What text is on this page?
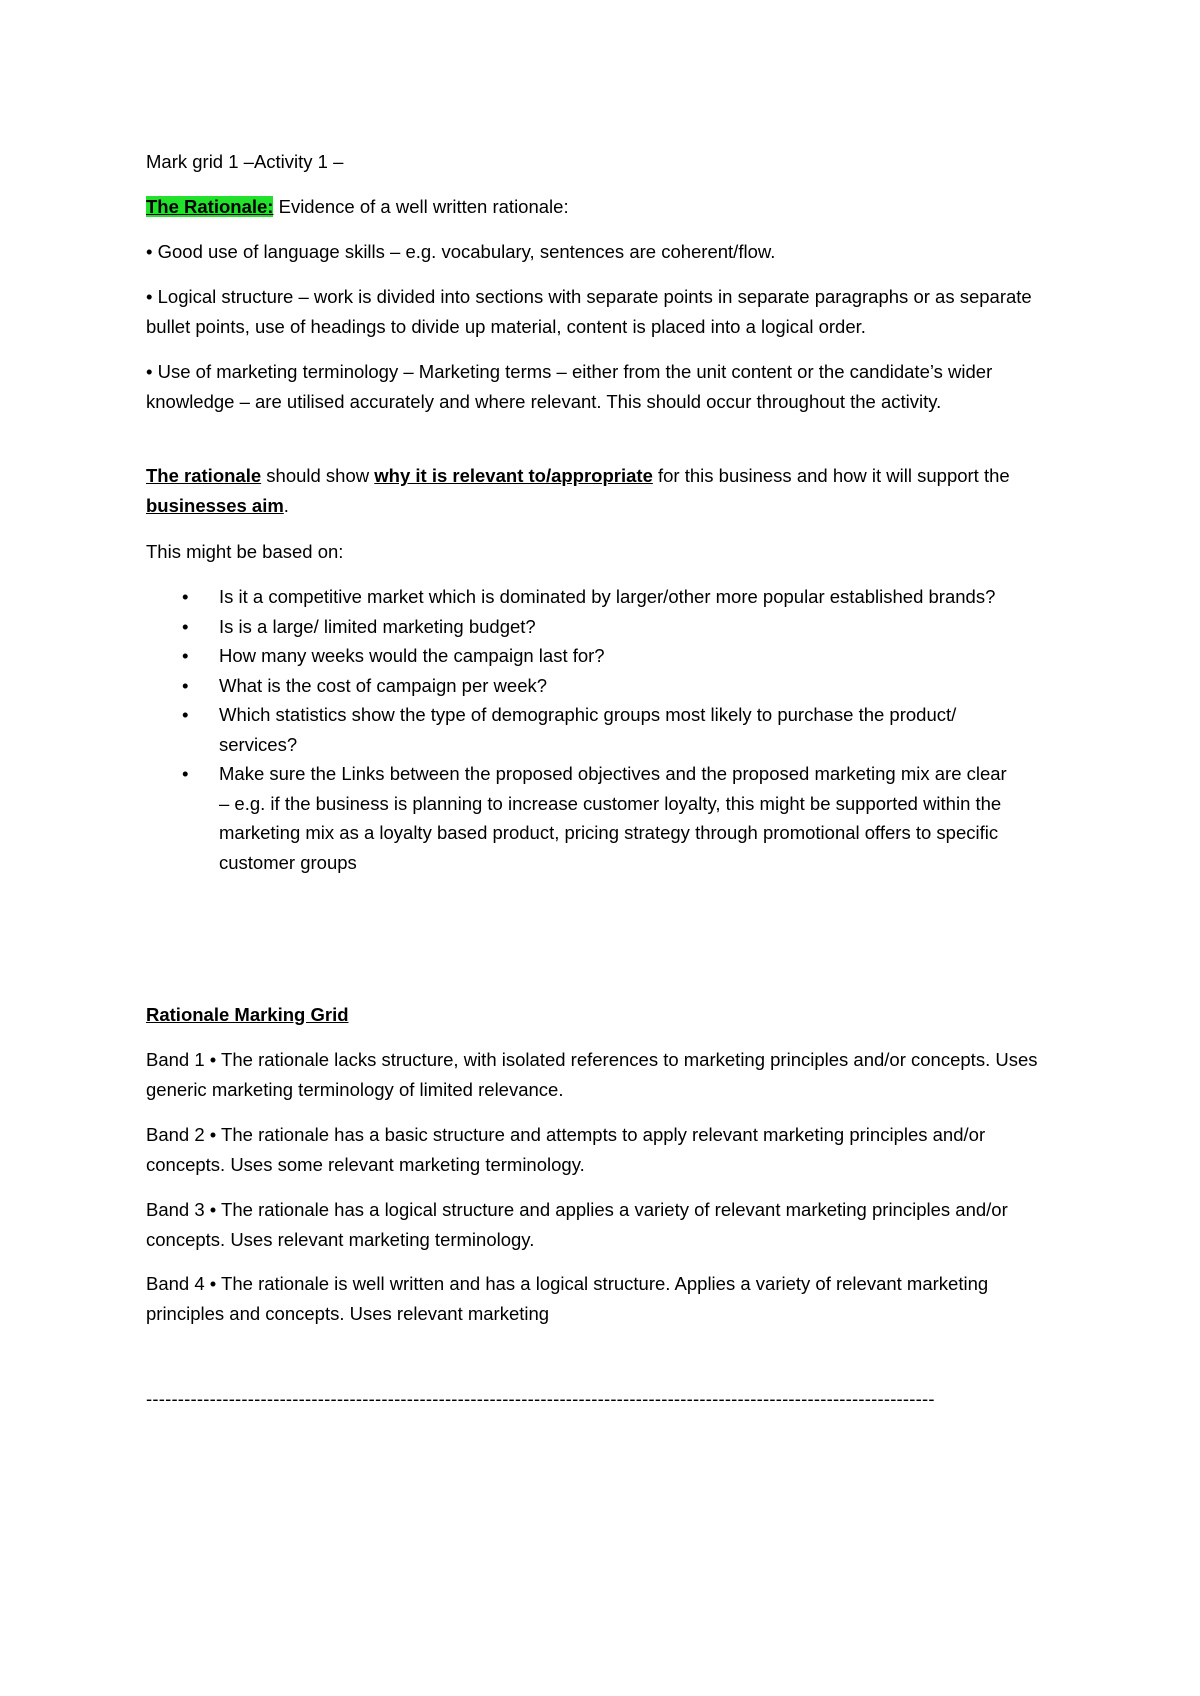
Mark grid 1 –Activity 1 –
The Rationale: Evidence of a well written rationale:
• Good use of language skills – e.g. vocabulary, sentences are coherent/flow.
• Logical structure – work is divided into sections with separate points in separate paragraphs or as separate bullet points, use of headings to divide up material, content is placed into a logical order.
• Use of marketing terminology – Marketing terms – either from the unit content or the candidate’s wider knowledge – are utilised accurately and where relevant. This should occur throughout the activity.
The rationale should show why it is relevant to/appropriate for this business and how it will support the businesses aim.
This might be based on:
• Is it a competitive market which is dominated by larger/other more popular established brands?
• Is is a large/ limited marketing budget?
• How many weeks would the campaign last for?
• What is the cost of campaign per week?
• Which statistics show the type of demographic groups most likely to purchase the product/ services?
• Make sure the Links between the proposed objectives and the proposed marketing mix are clear – e.g. if the business is planning to increase customer loyalty, this might be supported within the marketing mix as a loyalty based product, pricing strategy through promotional offers to specific customer groups
Rationale Marking Grid
Band 1 • The rationale lacks structure, with isolated references to marketing principles and/or concepts. Uses generic marketing terminology of limited relevance.
Band 2 • The rationale has a basic structure and attempts to apply relevant marketing principles and/or concepts. Uses some relevant marketing terminology.
Band 3 • The rationale has a logical structure and applies a variety of relevant marketing principles and/or concepts. Uses relevant marketing terminology.
Band 4 • The rationale is well written and has a logical structure. Applies a variety of relevant marketing principles and concepts. Uses relevant marketing
----------------------------------------------------------------------------------------------------------------------------
